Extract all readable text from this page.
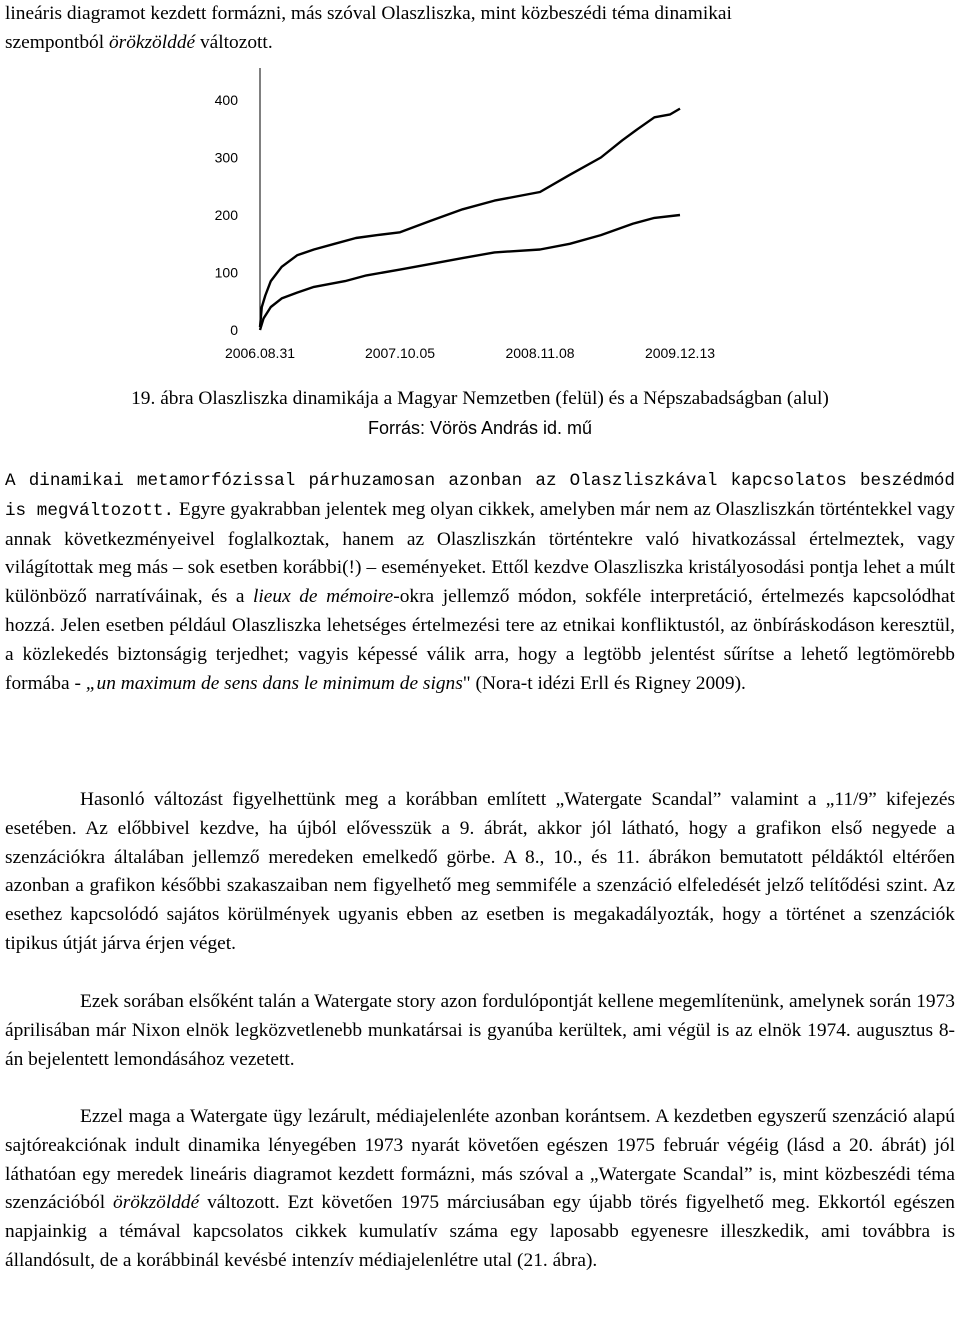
lineáris diagramot kezdett formázni, más szóval Olaszliszka, mint közbeszédi téma dinamikai
szempontból örökzölddé változott.

0
100
200
300
400
2006.08.31	2007.10.05	2008.11.08	2009.12.13

19. ábra Olaszliszka dinamikája a Magyar Nemzetben (felül) és a Népszabadságban (alul)

Forrás: Vörös András id. mű

A dinamikai metamorfózissal párhuzamosan azonban az Olaszliszkával kapcsolatos beszédmód is megváltozott. Egyre gyakrabban jelentek meg olyan cikkek, amelyben már nem az Olaszliszkán történtekkel vagy annak következményeivel foglalkoztak, hanem az Olaszliszkán történtekre való hivatkozással értelmeztek, vagy világítottak meg más – sok esetben korábbi(!) – eseményeket. Ettől kezdve Olaszliszka kristályosodási pontja lehet a múlt különböző narratíváinak, és a lieux de mémoire-okra jellemző módon, sokféle interpretáció, értelmezés kapcsolódhat hozzá. Jelen esetben például Olaszliszka lehetséges értelmezési tere az etnikai konfliktustól, az önbíráskodáson keresztül, a közlekedés biztonságig terjedhet; vagyis képessé válik arra, hogy a legtöbb jelentést sűrítse a lehető legtömörebb formába - „un maximum de sens dans le minimum de signs" (Nora-t idézi Erll és Rigney 2009).

Hasonló változást figyelhettünk meg a korábban említett „Watergate Scandal” valamint a „11/9” kifejezés esetében. Az előbbivel kezdve, ha újból elővesszük a 9. ábrát, akkor jól látható, hogy a grafikon első negyede a szenzációkra általában jellemző meredeken emelkedő görbe. A 8., 10., és 11. ábrákon bemutatott példáktól eltérően azonban a grafikon későbbi szakaszaiban nem figyelhető meg semmiféle a szenzáció elfeledését jelző telítődési szint. Az esethez kapcsolódó sajátos körülmények ugyanis ebben az esetben is megakadályozták, hogy a történet a szenzációk tipikus útját járva érjen véget.

Ezek sorában elsőként talán a Watergate story azon fordulópontját kellene megemlítenünk, amelynek során 1973 áprilisában már Nixon elnök legközvetlenebb munkatársai is gyanúba kerültek, ami végül is az elnök 1974. augusztus 8-án bejelentett lemondásához vezetett.

Ezzel maga a Watergate ügy lezárult, médiajelenléte azonban korántsem. A kezdetben egyszerű szenzáció alapú sajtóreakciónak indult dinamika lényegében 1973 nyarát követően egészen 1975 február végéig (lásd a 20. ábrát) jól láthatóan egy meredek lineáris diagramot kezdett formázni, más szóval a „Watergate Scandal” is, mint közbeszédi téma szenzációból örökzölddé változott. Ezt követően 1975 márciusában egy újabb törés figyelhető meg. Ekkortól egészen napjainkig a témával kapcsolatos cikkek kumulatív száma egy laposabb egyenesre illeszkedik, ami továbbra is állandósult, de a korábbinál kevésbé intenzív médiajelenlétre utal (21. ábra).
